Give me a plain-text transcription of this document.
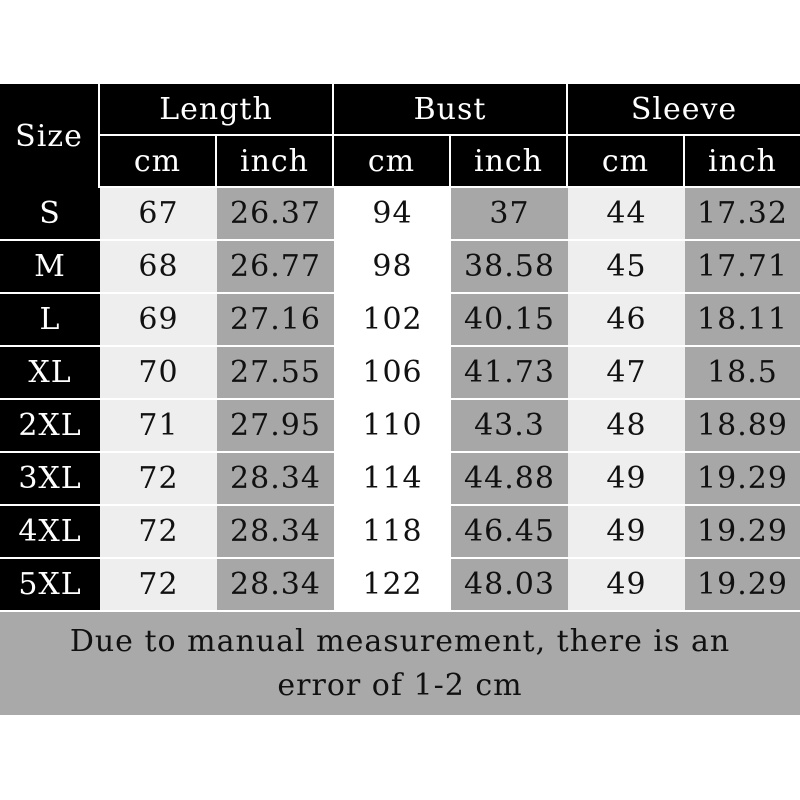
Size
Length	Bust	Sleeve
cm	inch	cm	inch	cm	inch
S	67	26.37	94	37	44	17.32
M	68	26.77	98	38.58	45	17.71
L	69	27.16	102	40.15	46	18.11
XL	70	27.55	106	41.73	47	18.5
2XL	71	27.95	110	43.3	48	18.89
3XL	72	28.34	114	44.88	49	19.29
4XL	72	28.34	118	46.45	49	19.29
5XL	72	28.34	122	48.03	49	19.29
Due to manual measurement, there is an error of 1-2 cm
